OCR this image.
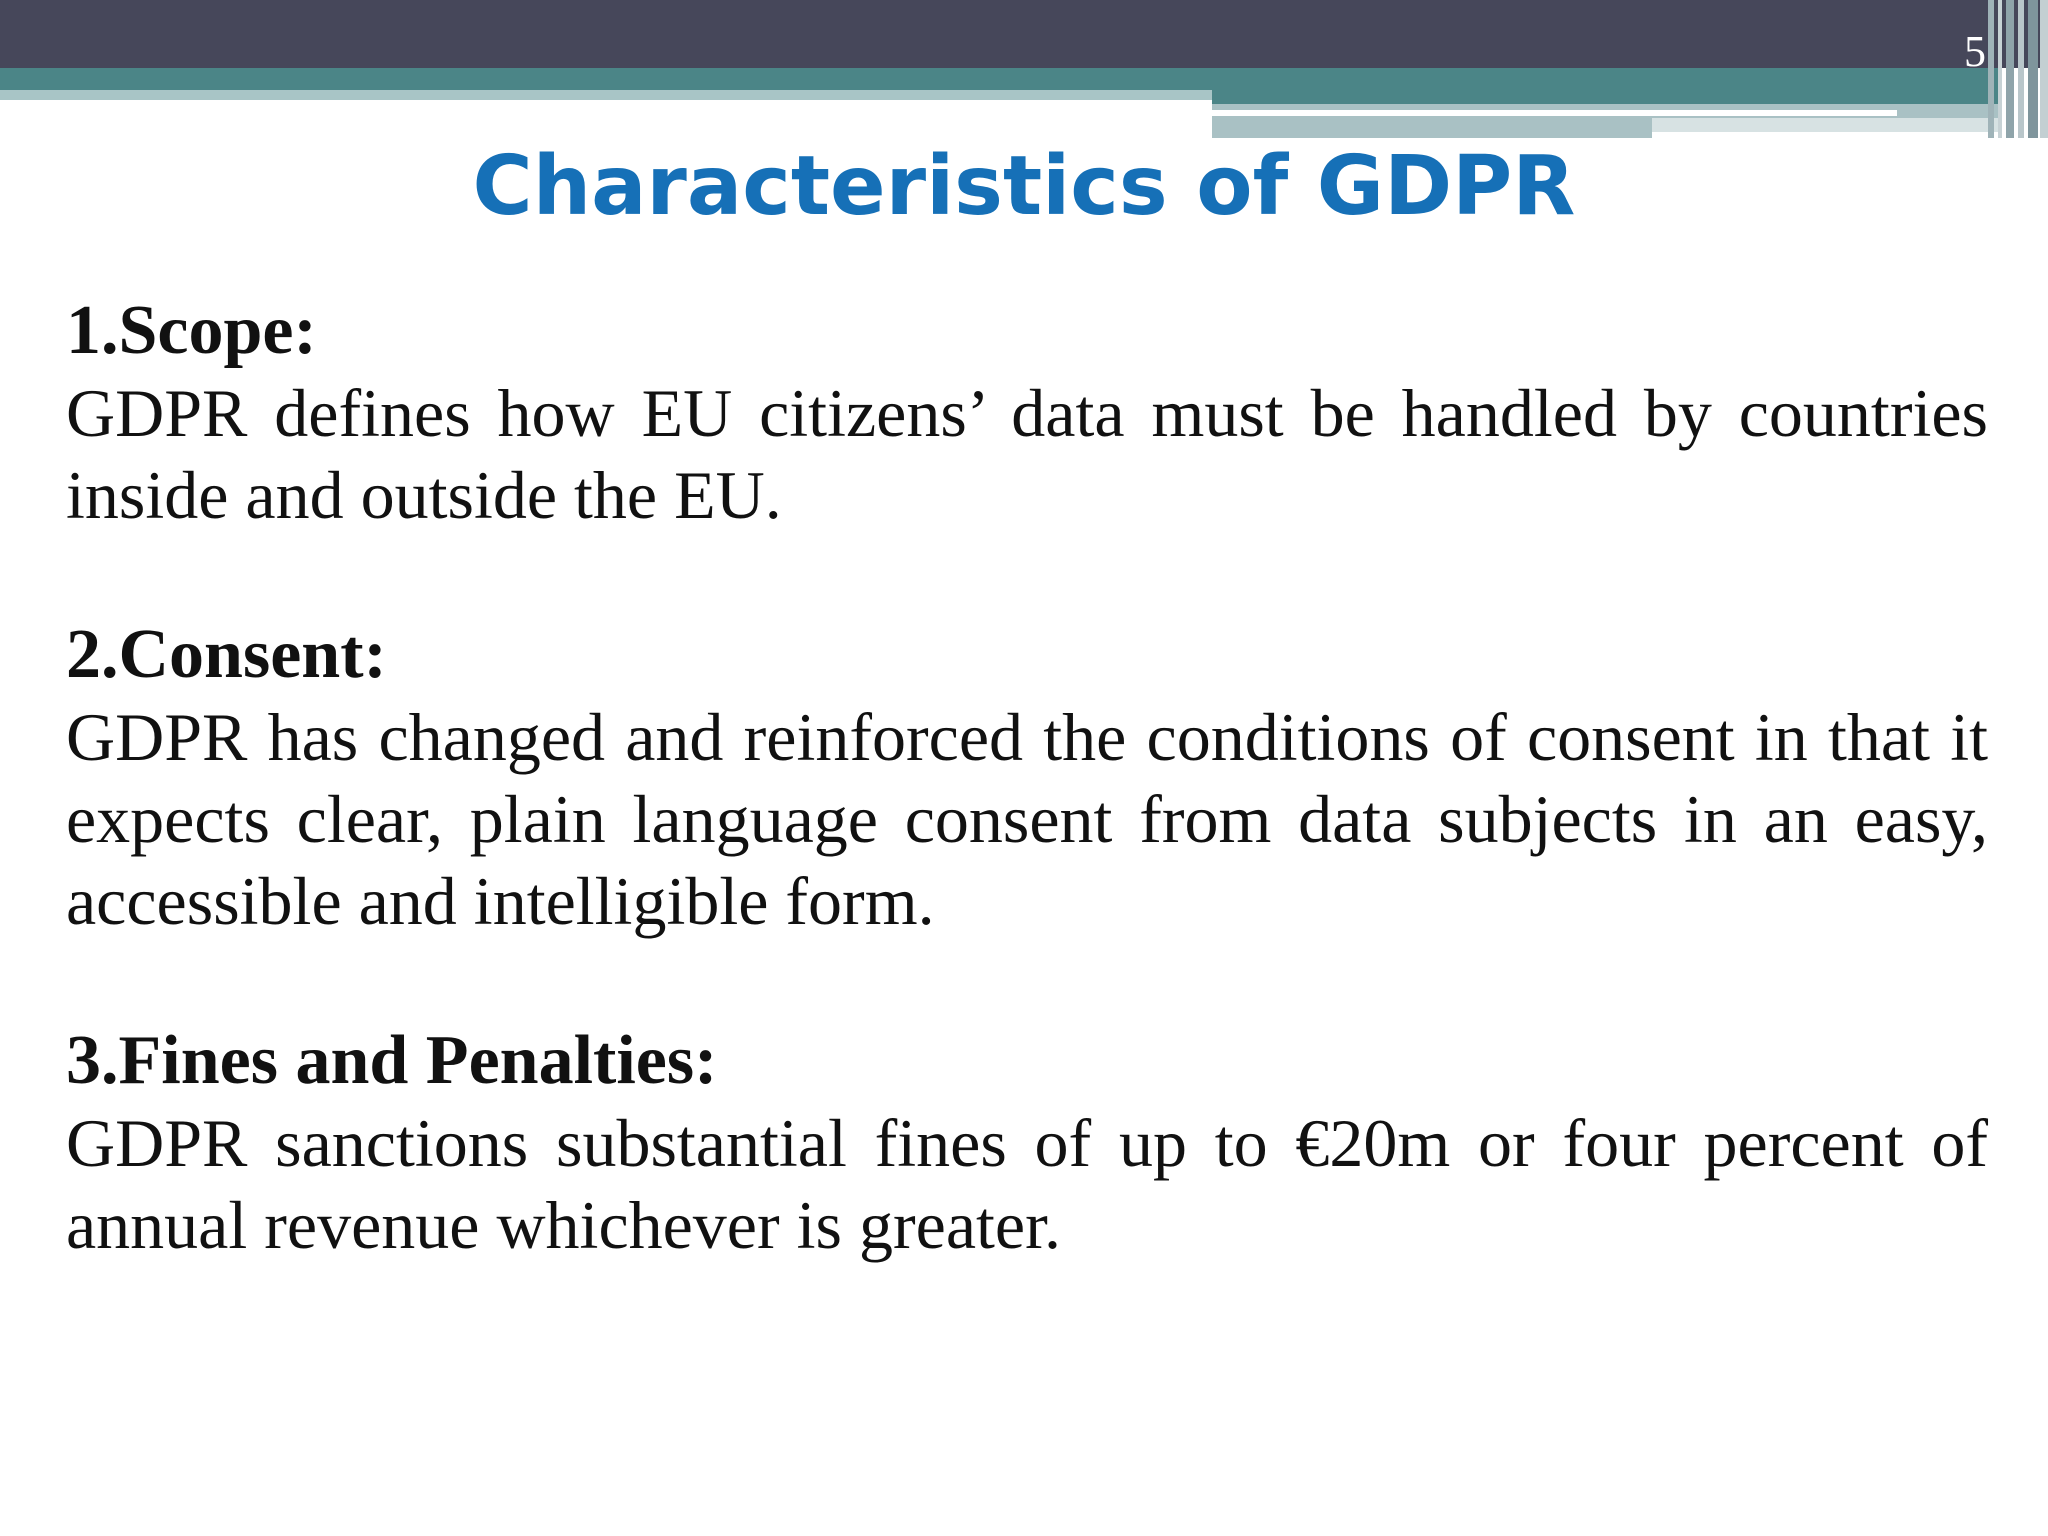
5
Characteristics of GDPR
1.Scope:
GDPR defines how EU citizens’ data must be handled by countries inside and outside the EU.
2.Consent:
GDPR has changed and reinforced the conditions of consent in that it expects clear, plain language consent from data subjects in an easy, accessible and intelligible form.
3.Fines and Penalties:
GDPR sanctions substantial fines of up to €20m or four percent of annual revenue whichever is greater.
